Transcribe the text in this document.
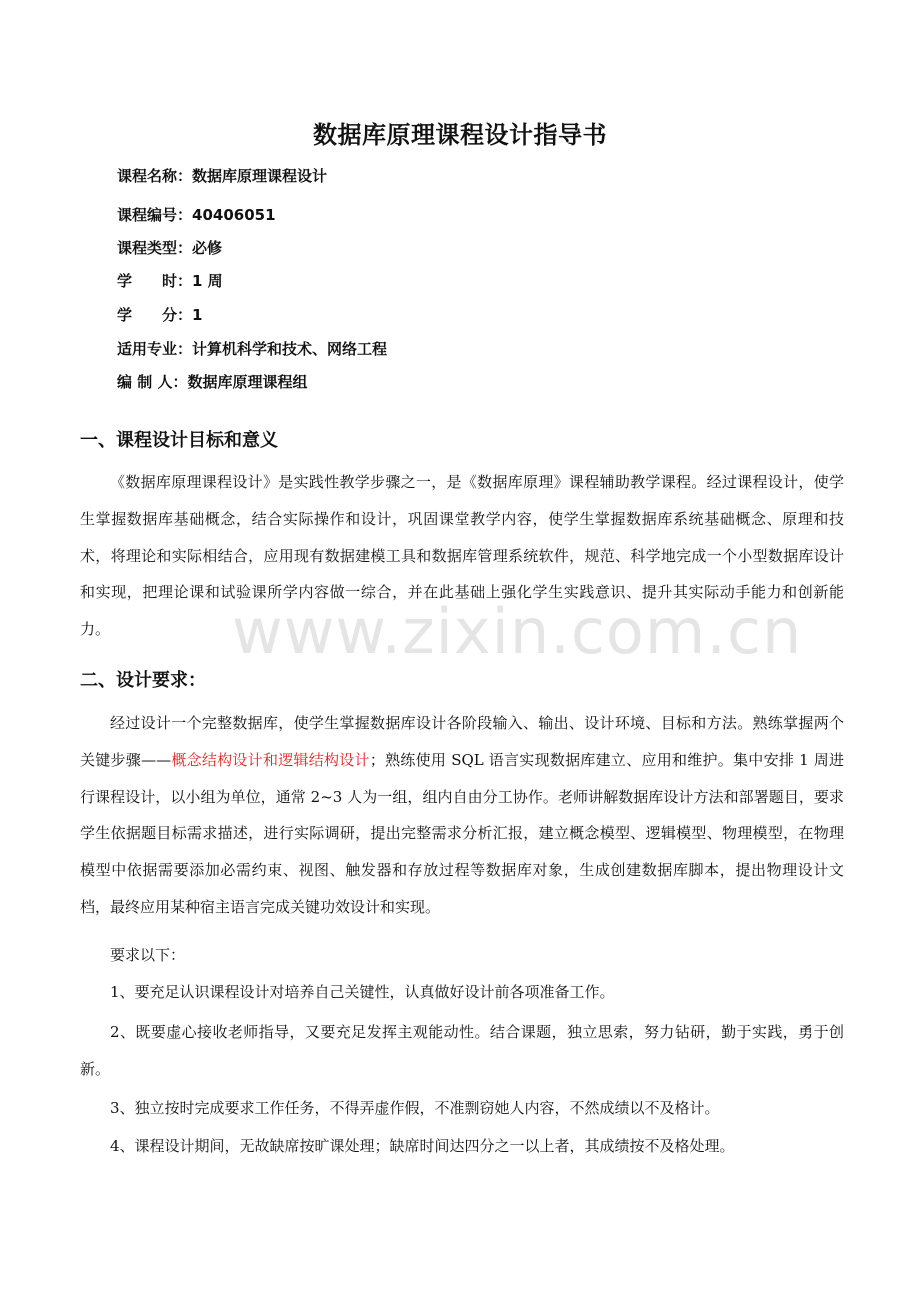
数据库原理课程设计指导书
课程名称：数据库原理课程设计
课程编号：40406051
课程类型：必修
学　　时：1 周
学　　分：1
适用专业：计算机科学和技术、网络工程
编 制 人：数据库原理课程组
一、课程设计目标和意义
《数据库原理课程设计》是实践性教学步骤之一，是《数据库原理》课程辅助教学课程。经过课程设计，使学生掌握数据库基础概念，结合实际操作和设计，巩固课堂教学内容，使学生掌握数据库系统基础概念、原理和技术，将理论和实际相结合，应用现有数据建模工具和数据库管理系统软件，规范、科学地完成一个小型数据库设计和实现，把理论课和试验课所学内容做一综合，并在此基础上强化学生实践意识、提升其实际动手能力和创新能力。
二、设计要求：
经过设计一个完整数据库，使学生掌握数据库设计各阶段输入、输出、设计环境、目标和方法。熟练掌握两个关键步骤——概念结构设计和逻辑结构设计；熟练使用 SQL 语言实现数据库建立、应用和维护。集中安排 1 周进行课程设计，以小组为单位，通常 2~3 人为一组，组内自由分工协作。老师讲解数据库设计方法和部署题目，要求学生依据题目标需求描述，进行实际调研，提出完整需求分析汇报，建立概念模型、逻辑模型、物理模型，在物理模型中依据需要添加必需约束、视图、触发器和存放过程等数据库对象，生成创建数据库脚本，提出物理设计文档，最终应用某种宿主语言完成关键功效设计和实现。
要求以下：
1、要充足认识课程设计对培养自己关键性，认真做好设计前各项准备工作。
2、既要虚心接收老师指导，又要充足发挥主观能动性。结合课题，独立思索，努力钻研，勤于实践，勇于创新。
3、独立按时完成要求工作任务，不得弄虚作假，不准剽窃她人内容，不然成绩以不及格计。
4、课程设计期间，无故缺席按旷课处理；缺席时间达四分之一以上者，其成绩按不及格处理。
www.zixin.com.cn
